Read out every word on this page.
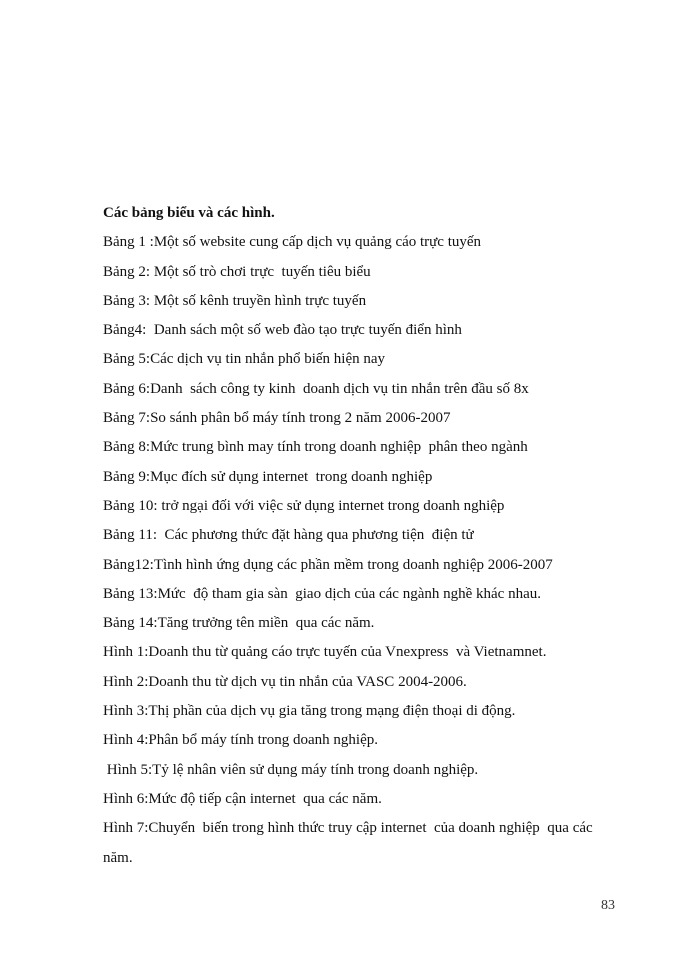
Các bảng biểu và các hình.

Bảng 1 :Một số website cung cấp dịch vụ quảng cáo trực tuyến
Bảng 2: Một số trò chơi trực  tuyến tiêu biểu
Bảng 3: Một số kênh truyền hình trực tuyến
Bảng4:  Danh sách một số web đào tạo trực tuyến điển hình
Bảng 5:Các dịch vụ tin nhắn phổ biến hiện nay
Bảng 6:Danh  sách công ty kinh  doanh dịch vụ tin nhắn trên đầu số 8x
Bảng 7:So sánh phân bổ máy tính trong 2 năm 2006-2007
Bảng 8:Mức trung bình may tính trong doanh nghiệp  phân theo ngành
Bảng 9:Mục đích sử dụng internet  trong doanh nghiệp
Bảng 10: trở ngại đối với việc sử dụng internet trong doanh nghiệp
Bảng 11:  Các phương thức đặt hàng qua phương tiện  điện tử
Bảng12:Tình hình ứng dụng các phần mềm trong doanh nghiệp 2006-2007
Bảng 13:Mức  độ tham gia sàn  giao dịch của các ngành nghề khác nhau.
Bảng 14:Tăng trưởng tên miền  qua các năm.
Hình 1:Doanh thu từ quảng cáo trực tuyến của Vnexpress  và Vietnamnet.
Hình 2:Doanh thu từ dịch vụ tin nhắn của VASC 2004-2006.
Hình 3:Thị phần của dịch vụ gia tăng trong mạng điện thoại di động.
Hình 4:Phân bổ máy tính trong doanh nghiệp.
Hình 5:Tỷ lệ nhân viên sử dụng máy tính trong doanh nghiệp.
Hình 6:Mức độ tiếp cận internet  qua các năm.
Hình 7:Chuyển  biến trong hình thức truy cập internet  của doanh nghiệp  qua các năm.
83
